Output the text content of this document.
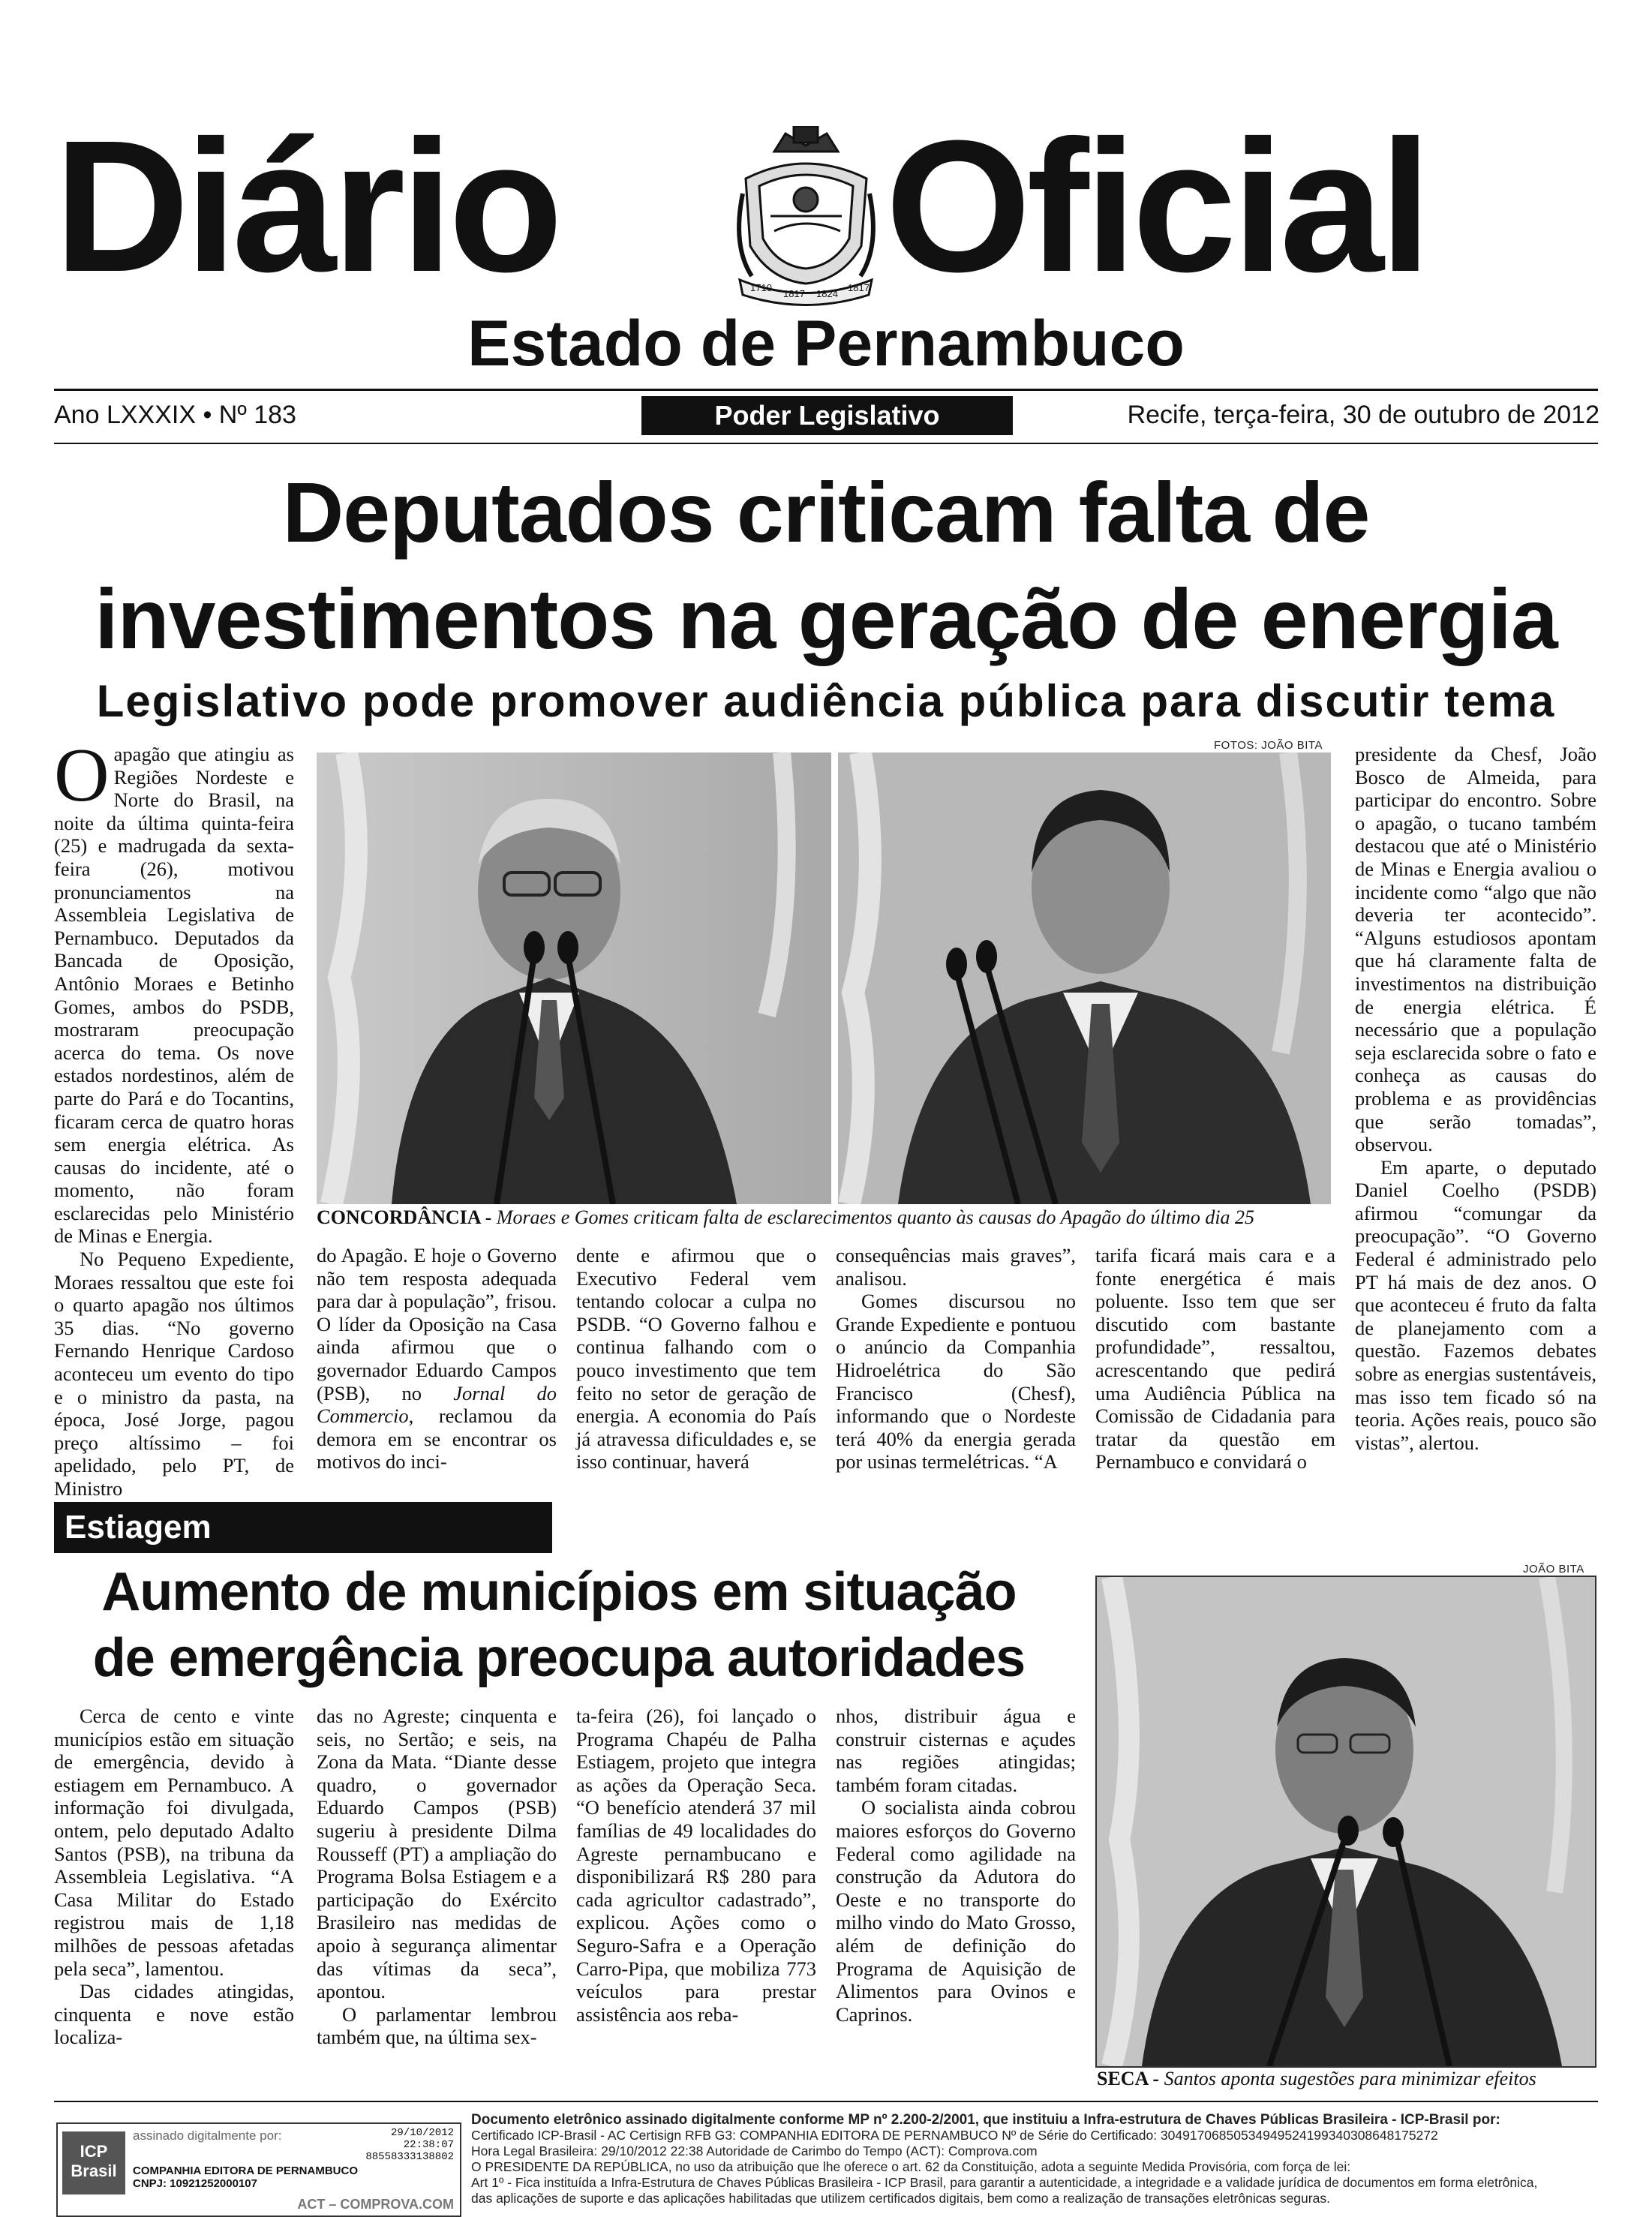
Diário	1710
1817 1824
1817 Oficial
Estado de Pernambuco
Ano LXXXIX • Nº 183	Poder Legislativo	Recife, terça-feira, 30 de outubro de 2012
Deputados criticam falta de
investimentos na geração de energia
Legislativo pode promover audiência pública para discutir tema

Oapagão que atingiu as Regiões Nordeste e Norte do Brasil, na noite da última quinta-feira (25) e madrugada da sexta-feira (26), motivou pronunciamentos na Assembleia Legislativa de Pernambuco. Deputados da Bancada de Oposição, Antônio Moraes e Betinho Gomes, ambos do PSDB, mostraram preocupação acerca do tema. Os nove estados nordestinos, além de parte do Pará e do Tocantins, ficaram cerca de quatro horas sem energia elétrica. As causas do incidente, até o momento, não foram esclarecidas pelo Ministério de Minas e Energia.

No Pequeno Expediente, Moraes ressaltou que este foi o quarto apagão nos últimos 35 dias. “No governo Fernando Henrique Cardoso aconteceu um evento do tipo e o ministro da pasta, na época, José Jorge, pagou preço altíssimo – foi apelidado, pelo PT, de Ministro

FOTOS: JOÃO BITA
CONCORDÂNCIA - Moraes e Gomes criticam falta de esclarecimentos quanto às causas do Apagão do último dia 25

do Apagão. E hoje o Governo não tem resposta adequada para dar à população”, frisou. O líder da Oposição na Casa ainda afirmou que o governador Eduardo Campos (PSB), no Jornal do Commercio, reclamou da demora em se encontrar os motivos do inci-

dente e afirmou que o Executivo Federal vem tentando colocar a culpa no PSDB. “O Governo falhou e continua falhando com o pouco investimento que tem feito no setor de geração de energia. A economia do País já atravessa dificuldades e, se isso continuar, haverá

consequências mais graves”, analisou.

Gomes discursou no Grande Expediente e pontuou o anúncio da Companhia Hidroelétrica do São Francisco (Chesf), informando que o Nordeste terá 40% da energia gerada por usinas termelétricas. “A

tarifa ficará mais cara e a fonte energética é mais poluente. Isso tem que ser discutido com bastante profundidade”, ressaltou, acrescentando que pedirá uma Audiência Pública na Comissão de Cidadania para tratar da questão em Pernambuco e convidará o

presidente da Chesf, João Bosco de Almeida, para participar do encontro. Sobre o apagão, o tucano também destacou que até o Ministério de Minas e Energia avaliou o incidente como “algo que não deveria ter acontecido”. “Alguns estudiosos apontam que há claramente falta de investimentos na distribuição de energia elétrica. É necessário que a população seja esclarecida sobre o fato e conheça as causas do problema e as providências que serão tomadas”, observou.

Em aparte, o deputado Daniel Coelho (PSDB) afirmou “comungar da preocupação”. “O Governo Federal é administrado pelo PT há mais de dez anos. O que aconteceu é fruto da falta de planejamento com a questão. Fazemos debates sobre as energias sustentáveis, mas isso tem ficado só na teoria. Ações reais, pouco são vistas”, alertou.

Estiagem
Aumento de municípios em situação
de emergência preocupa autoridades

Cerca de cento e vinte municípios estão em situação de emergência, devido à estiagem em Pernambuco. A informação foi divulgada, ontem, pelo deputado Adalto Santos (PSB), na tribuna da Assembleia Legislativa. “A Casa Militar do Estado registrou mais de 1,18 milhões de pessoas afetadas pela seca”, lamentou.

Das cidades atingidas, cinquenta e nove estão localiza-

das no Agreste; cinquenta e seis, no Sertão; e seis, na Zona da Mata. “Diante desse quadro, o governador Eduardo Campos (PSB) sugeriu à presidente Dilma Rousseff (PT) a ampliação do Programa Bolsa Estiagem e a participação do Exército Brasileiro nas medidas de apoio à segurança alimentar das vítimas da seca”, apontou.

O parlamentar lembrou também que, na última sex-

ta-feira (26), foi lançado o Programa Chapéu de Palha Estiagem, projeto que integra as ações da Operação Seca. “O benefício atenderá 37 mil famílias de 49 localidades do Agreste pernambucano e disponibilizará R$ 280 para cada agricultor cadastrado”, explicou. Ações como o Seguro-Safra e a Operação Carro-Pipa, que mobiliza 773 veículos para prestar assistência aos reba-

nhos, distribuir água e construir cisternas e açudes nas regiões atingidas; também foram citadas.

O socialista ainda cobrou maiores esforços do Governo Federal como agilidade na construção da Adutora do Oeste e no transporte do milho vindo do Mato Grosso, além de definição do Programa de Aquisição de Alimentos para Ovinos e Caprinos.

JOÃO BITA
SECA - Santos aponta sugestões para minimizar efeitos
ICP Brasil
assinado digitalmente por:	29/10/2012
22:38:07
88558333138802
COMPANHIA EDITORA DE PERNAMBUCO
CNPJ: 10921252000107
ACT – COMPROVA.COM
Documento eletrônico assinado digitalmente conforme MP nº 2.200-2/2001, que instituiu a Infra-estrutura de Chaves Públicas Brasileira - ICP-Brasil por:
Certificado ICP-Brasil - AC Certisign RFB G3: COMPANHIA EDITORA DE PERNAMBUCO Nº de Série do Certificado: 30491706850534949524199340308648175272
Hora Legal Brasileira: 29/10/2012 22:38 Autoridade de Carimbo do Tempo (ACT): Comprova.com
O PRESIDENTE DA REPÚBLICA, no uso da atribuição que lhe oferece o art. 62 da Constituição, adota a seguinte Medida Provisória, com força de lei:
Art 1º - Fica instituída a Infra-Estrutura de Chaves Públicas Brasileira - ICP Brasil, para garantir a autenticidade, a integridade e a validade jurídica de documentos em forma eletrônica,
das aplicações de suporte e das aplicações habilitadas que utilizem certificados digitais, bem como a realização de transações eletrônicas seguras.
